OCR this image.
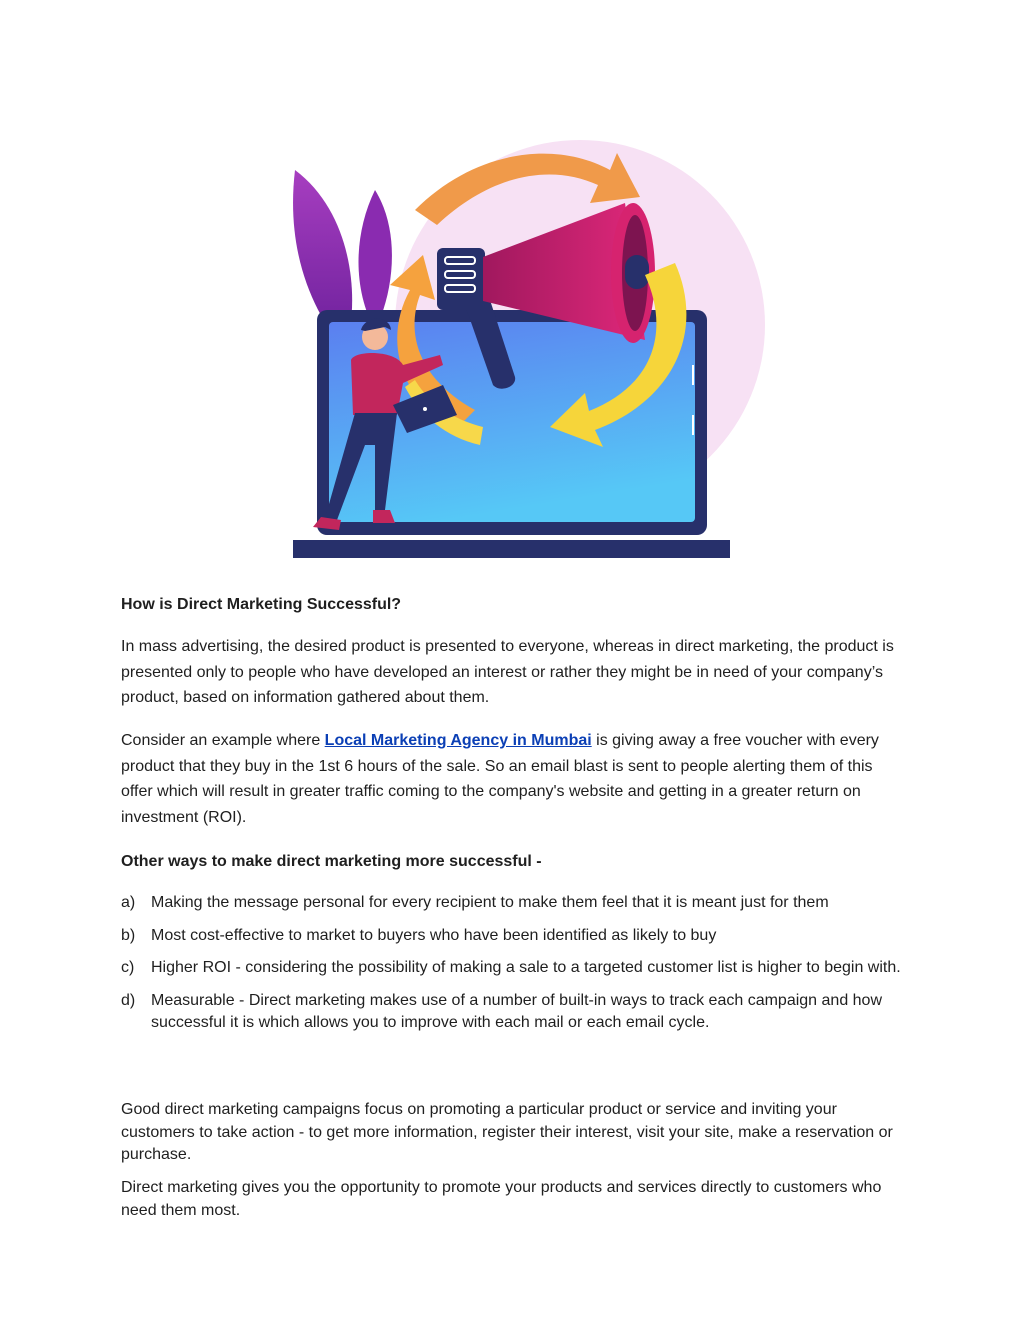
How is Direct Marketing Successful?
In mass advertising, the desired product is presented to everyone, whereas in direct marketing, the product is presented only to people who have developed an interest or rather they might be in need of your company’s product, based on information gathered about them.
Consider an example where Local Marketing Agency in Mumbai is giving away a free voucher with every product that they buy in the 1st 6 hours of the sale. So an email blast is sent to people alerting them of this offer which will result in greater traffic coming to the company's website and getting in a greater return on investment (ROI).
Other ways to make direct marketing more successful -
a) Making the message personal for every recipient to make them feel that it is meant just for them
b) Most cost-effective to market to buyers who have been identified as likely to buy
c) Higher ROI - considering the possibility of making a sale to a targeted customer list is higher to begin with.
d) Measurable - Direct marketing makes use of a number of built-in ways to track each campaign and how successful it is which allows you to improve with each mail or each email cycle.
Good direct marketing campaigns focus on promoting a particular product or service and inviting your customers to take action - to get more information, register their interest, visit your site, make a reservation or purchase.
Direct marketing gives you the opportunity to promote your products and services directly to customers who need them most.
